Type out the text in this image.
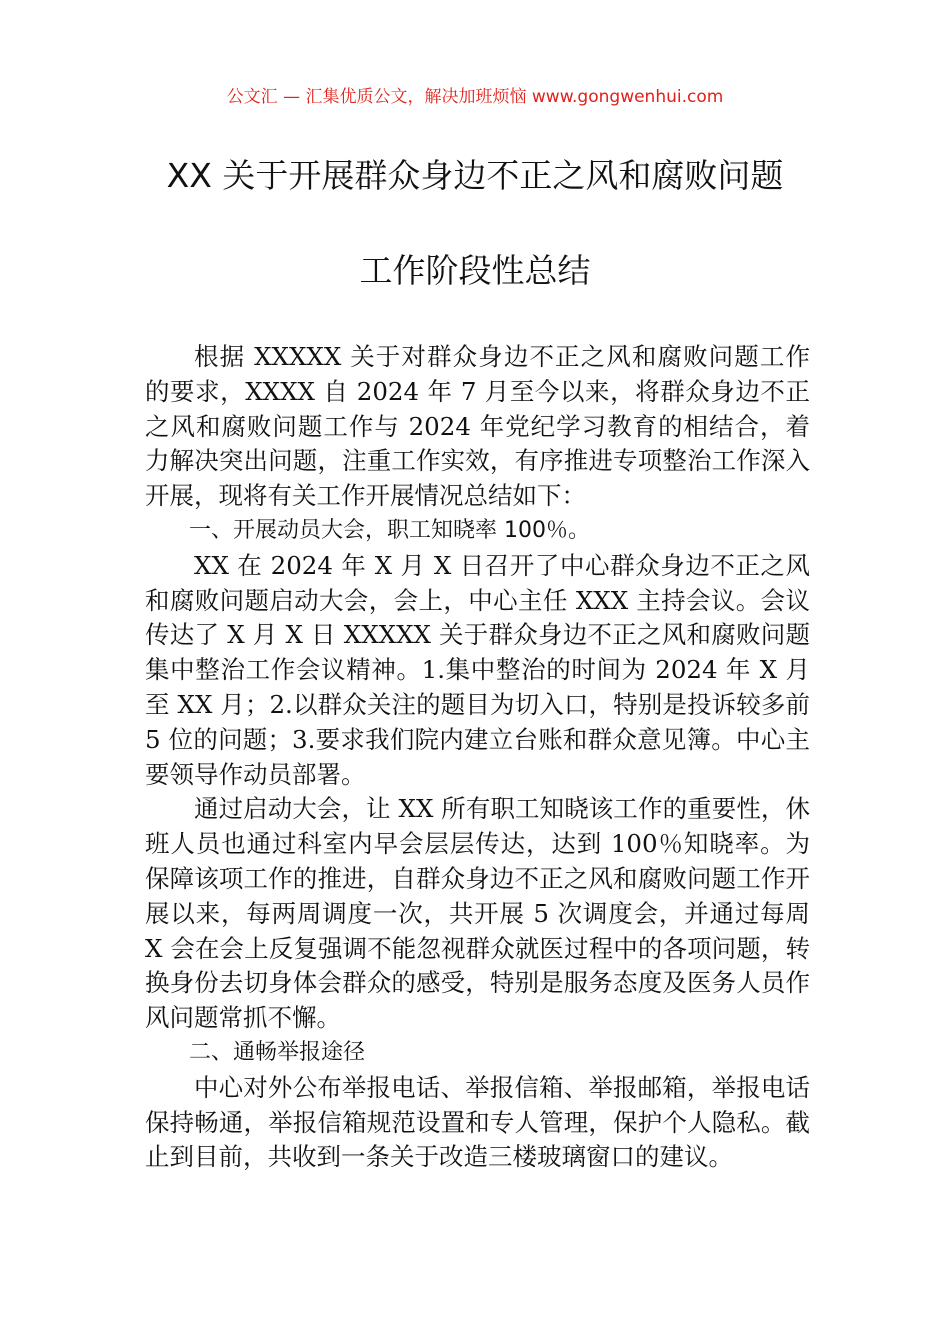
公文汇 — 汇集优质公文，解决加班烦恼 www.gongwenhui.com
XX 关于开展群众身边不正之风和腐败问题
工作阶段性总结

根据 XXXXX 关于对群众身边不正之风和腐败问题工作的要求，XXXX 自 2024 年 7 月至今以来，将群众身边不正之风和腐败问题工作与 2024 年党纪学习教育的相结合，着力解决突出问题，注重工作实效，有序推进专项整治工作深入开展，现将有关工作开展情况总结如下：

一、开展动员大会，职工知晓率 100％。

XX 在 2024 年 X 月 X 日召开了中心群众身边不正之风和腐败问题启动大会，会上，中心主任 XXX 主持会议。会议传达了 X 月 X 日 XXXXX 关于群众身边不正之风和腐败问题集中整治工作会议精神。1.集中整治的时间为 2024 年 X 月至 XX 月；2.以群众关注的题目为切入口，特别是投诉较多前 5 位的问题；3.要求我们院内建立台账和群众意见簿。中心主要领导作动员部署。

通过启动大会，让 XX 所有职工知晓该工作的重要性，休班人员也通过科室内早会层层传达，达到 100％知晓率。为保障该项工作的推进，自群众身边不正之风和腐败问题工作开展以来，每两周调度一次，共开展 5 次调度会，并通过每周 X 会在会上反复强调不能忽视群众就医过程中的各项问题，转换身份去切身体会群众的感受，特别是服务态度及医务人员作风问题常抓不懈。

二、通畅举报途径

中心对外公布举报电话、举报信箱、举报邮箱，举报电话保持畅通，举报信箱规范设置和专人管理，保护个人隐私。截止到目前，共收到一条关于改造三楼玻璃窗口的建议。
